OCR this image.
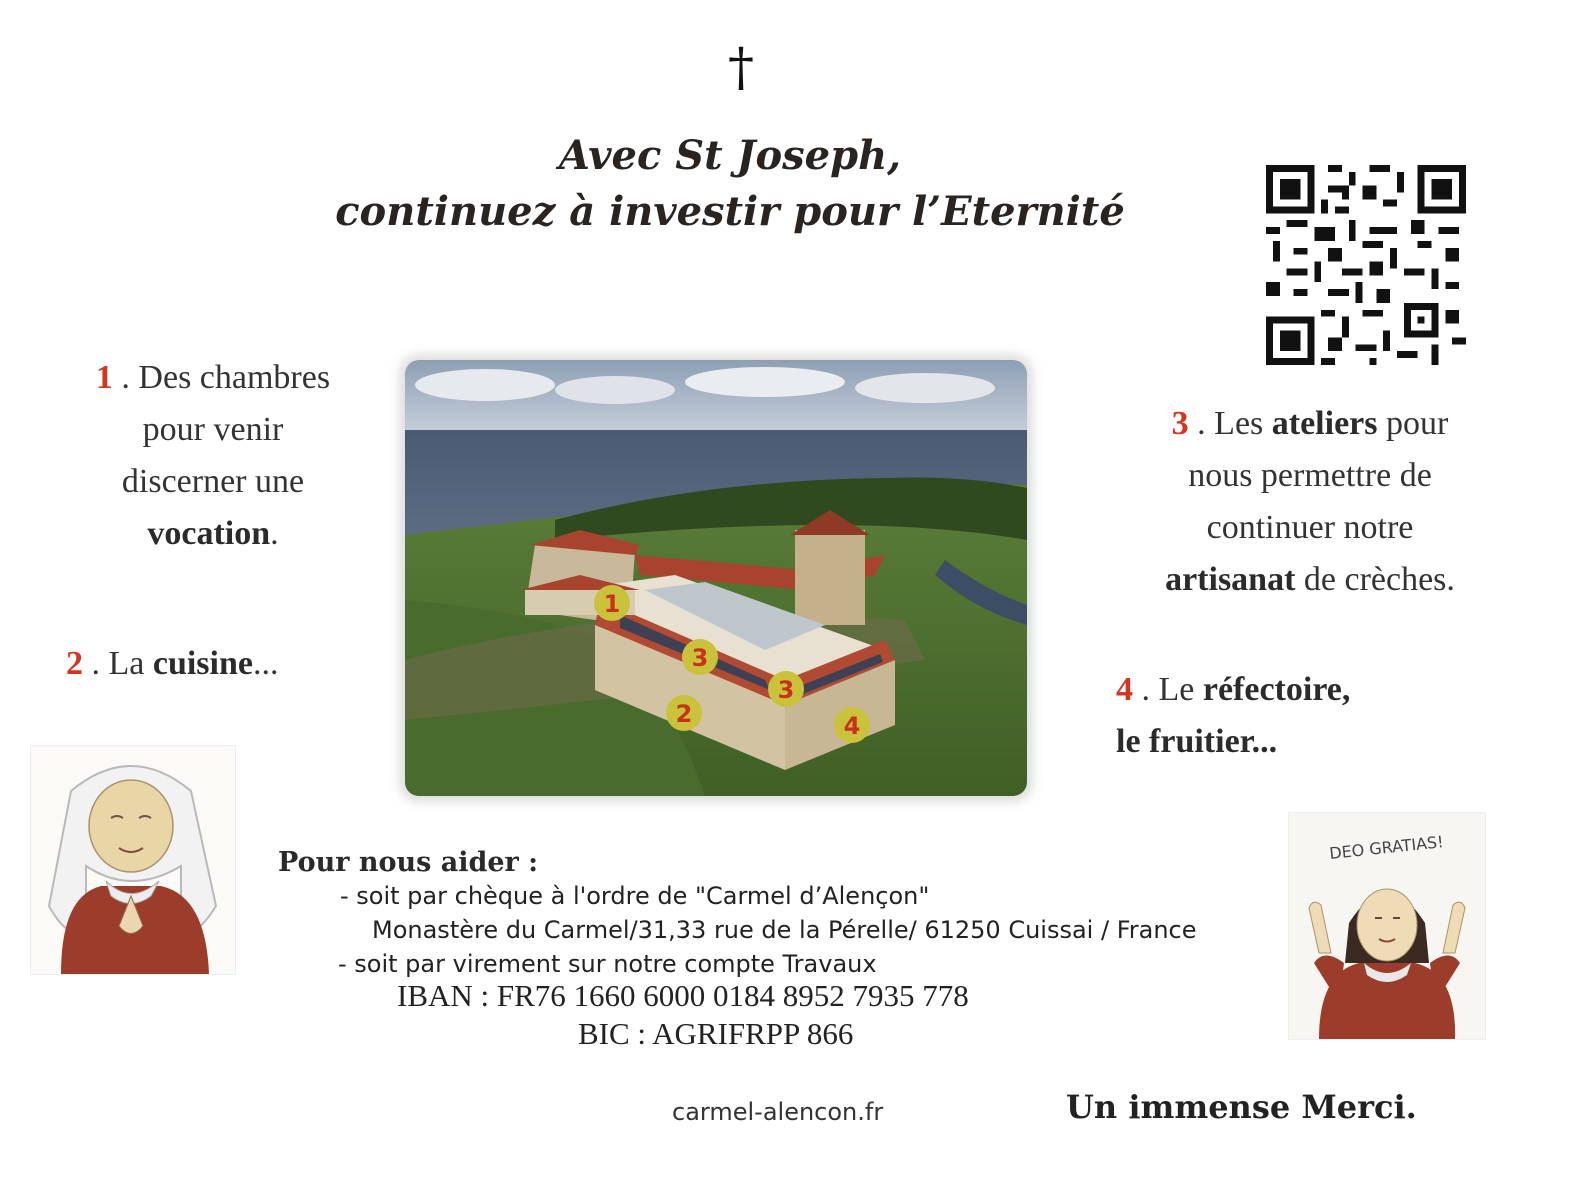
†
Avec St Joseph,
continuez à investir pour l’Eternité
1 . Des chambres
pour venir
discerner une
vocation.
2 . La cuisine...
3 . Les ateliers pour
nous permettre de
continuer notre
artisanat de crèches.
4 . Le réfectoire,
le fruitier...
1
3
3
2	4
DEO GRATIAS!
Pour nous aider :
- soit par chèque à l'ordre de "Carmel d’Alençon"
Monastère du Carmel/31,33 rue de la Pérelle/ 61250 Cuissai / France
- soit par virement sur notre compte Travaux
IBAN : FR76 1660 6000 0184 8952 7935 778
BIC : AGRIFRPP 866
carmel-alencon.fr	Un immense Merci.
